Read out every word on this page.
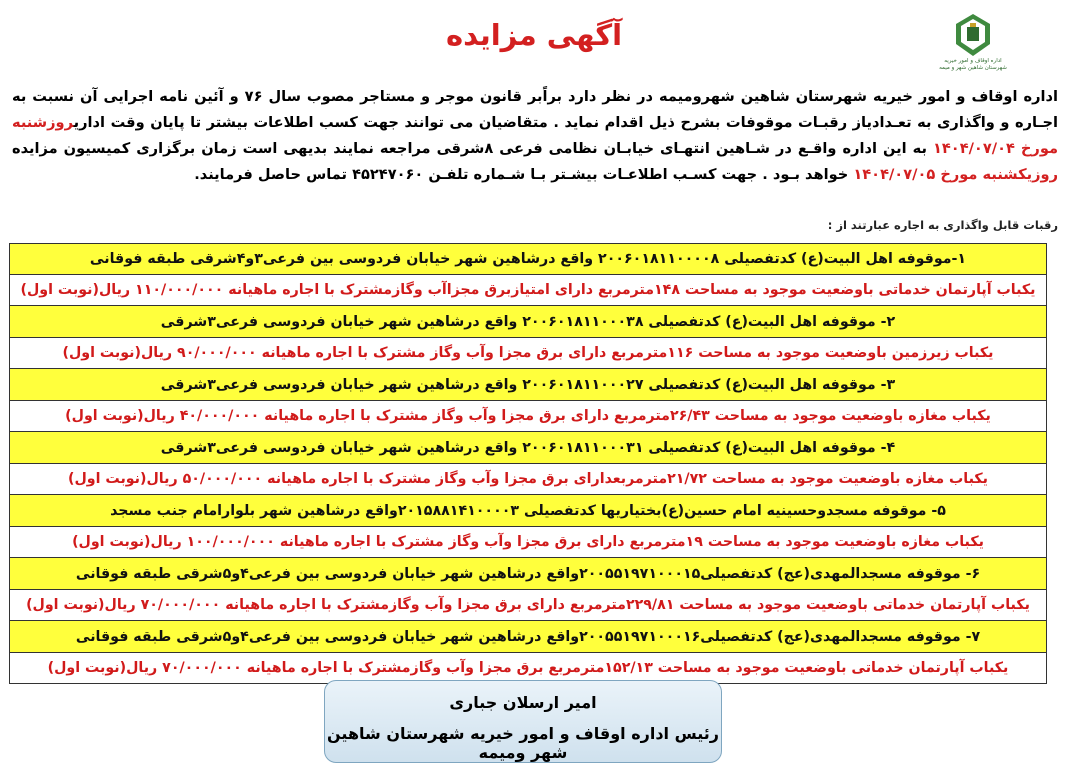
اداره اوقاف و امور خیریه
شهرستان شاهین شهر و میمه
آگهی مزایده
اداره اوقاف و امور خیریه شهرستان شاهین شهرومیمه در نظر دارد براًبر قانون موجر و مستاجر مصوب سال ۷۶ و آئین نامه اجرایی آن نسبت به اجـاره و واگذاری به تعـدادیاز رقبـات موقوفات بشرح ذیل اقدام نماید . متقاضیان می توانند جهت کسب اطلاعات بیشتر تا پایان وقت اداریروزشنبه مورخ ۱۴۰۴/۰۷/۰۴ به این اداره واقـع در شـاهین انتهـای خیابـان نظامی فرعی ۸شرقی مراجعه نمایند بدیهی است زمان برگزاری کمیسیون مزایده روزیکشنبه مورخ ۱۴۰۴/۰۷/۰۵ خواهد بـود . جهت کسـب اطلاعـات بیشـتر بـا شـماره تلفـن ۴۵۲۴۷۰۶۰ تماس حاصل فرمایند.
رقبات قابل واگذاری به اجاره عبارتند از :
۱-موقوفه اهل البیت(ع) کدتفصیلی ۲۰۰۶۰۱۸۱۱۰۰۰۰۸ واقع درشاهین شهر خیابان فردوسی بین فرعی۳و۴شرقی طبقه فوقانی
یکباب آپارتمان خدماتی باوضعیت موجود به مساحت ۱۴۸مترمربع دارای امتیازبرق مجزاآب وگازمشترک با اجاره ماهیانه ۱۱۰/۰۰۰/۰۰۰ ریال(نوبت اول)
۲- موقوفه اهل البیت(ع) کدتفصیلی ۲۰۰۶۰۱۸۱۱۰۰۰۳۸ واقع درشاهین شهر خیابان فردوسی فرعی۳شرقی
یکباب زیرزمین باوضعیت موجود به مساحت ۱۱۶مترمربع دارای برق مجزا وآب وگاز مشترک با اجاره ماهیانه ۹۰/۰۰۰/۰۰۰ ریال(نوبت اول)
۳- موقوفه اهل البیت(ع) کدتفصیلی ۲۰۰۶۰۱۸۱۱۰۰۰۲۷ واقع درشاهین شهر خیابان فردوسی فرعی۳شرقی
یکباب مغازه باوضعیت موجود به مساحت ۲۶/۴۳مترمربع دارای برق مجزا وآب وگاز مشترک با اجاره ماهیانه ۴۰/۰۰۰/۰۰۰ ریال(نوبت اول)
۴- موقوفه اهل البیت(ع) کدتفصیلی ۲۰۰۶۰۱۸۱۱۰۰۰۳۱ واقع درشاهین شهر خیابان فردوسی فرعی۳شرقی
یکباب مغازه باوضعیت موجود به مساحت ۲۱/۷۲مترمربعدارای برق مجزا وآب وگاز مشترک با اجاره ماهیانه ۵۰/۰۰۰/۰۰۰ ریال(نوبت اول)
۵- موقوفه مسجدوحسینیه امام حسین(ع)بختیاریها کدتفصیلی ۲۰۱۵۸۸۱۴۱۰۰۰۰۳واقع درشاهین شهر بلوارامام جنب مسجد
یکباب مغازه باوضعیت موجود به مساحت ۱۹مترمربع دارای برق مجزا وآب وگاز مشترک با اجاره ماهیانه ۱۰۰/۰۰۰/۰۰۰ ریال(نوبت اول)
۶- موقوفه مسجدالمهدی(عج) کدتفصیلی۲۰۰۵۵۱۹۷۱۰۰۰۱۵واقع درشاهین شهر خیابان فردوسی بین فرعی۴و۵شرقی طبقه فوقانی
یکباب آپارتمان خدماتی باوضعیت موجود به مساحت ۲۲۹/۸۱مترمربع دارای برق مجزا وآب وگازمشترک با اجاره ماهیانه ۷۰/۰۰۰/۰۰۰ ریال(نوبت اول)
۷- موقوفه مسجدالمهدی(عج) کدتفصیلی۲۰۰۵۵۱۹۷۱۰۰۰۱۶واقع درشاهین شهر خیابان فردوسی بین فرعی۴و۵شرقی طبقه فوقانی
یکباب آپارتمان خدماتی باوضعیت موجود به مساحت ۱۵۲/۱۳مترمربع برق مجزا وآب وگازمشترک با اجاره ماهیانه ۷۰/۰۰۰/۰۰۰ ریال(نوبت اول)
امیر ارسلان جباری
رئیس اداره اوقاف و امور خیریه شهرستان شاهین شهر ومیمه
